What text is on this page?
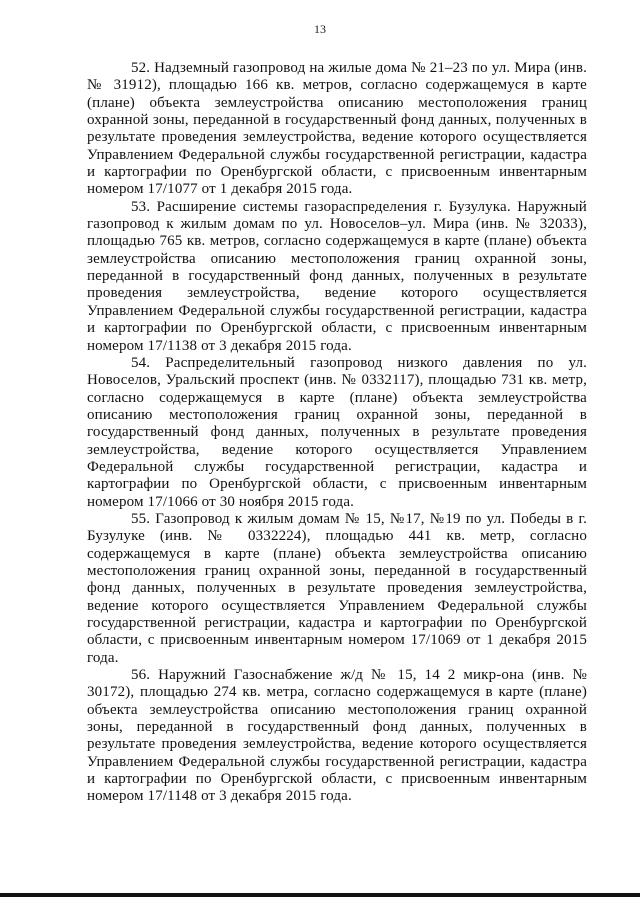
13

52. Надземный газопровод на жилые дома № 21–23 по ул. Мира (инв. № 31912), площадью 166 кв. метров, согласно содержащемуся в карте (плане) объекта землеустройства описанию местоположения границ охранной зоны, переданной в государственный фонд данных, полученных в результате проведения землеустройства, ведение которого осуществляется Управлением Федеральной службы государственной регистрации, кадастра и картографии по Оренбургской области, с присвоенным инвентарным номером 17/1077 от 1 декабря 2015 года.

53. Расширение системы газораспределения г. Бузулука. Наружный газопровод к жилым домам по ул. Новоселов–ул. Мира (инв. № 32033), площадью 765 кв. метров, согласно содержащемуся в карте (плане) объекта землеустройства описанию местоположения границ охранной зоны, переданной в государственный фонд данных, полученных в результате проведения землеустройства, ведение которого осуществляется Управлением Федеральной службы государственной регистрации, кадастра и картографии по Оренбургской области, с присвоенным инвентарным номером 17/1138 от 3 декабря 2015 года.

54. Распределительный газопровод низкого давления по ул. Новоселов, Уральский проспект (инв. № 0332117), площадью 731 кв. метр, согласно содержащемуся в карте (плане) объекта землеустройства описанию местоположения границ охранной зоны, переданной в государственный фонд данных, полученных в результате проведения землеустройства, ведение которого осуществляется Управлением Федеральной службы государственной регистрации, кадастра и картографии по Оренбургской области, с присвоенным инвентарным номером 17/1066 от 30 ноября 2015 года.

55. Газопровод к жилым домам № 15, №17, №19 по ул. Победы в г. Бузулуке (инв. № 0332224), площадью 441 кв. метр, согласно содержащемуся в карте (плане) объекта землеустройства описанию местоположения границ охранной зоны, переданной в государственный фонд данных, полученных в результате проведения землеустройства, ведение которого осуществляется Управлением Федеральной службы государственной регистрации, кадастра и картографии по Оренбургской области, с присвоенным инвентарным номером 17/1069 от 1 декабря 2015 года.

56. Наружний Газоснабжение ж/д № 15, 14 2 микр-она (инв. № 30172), площадью 274 кв. метра, согласно содержащемуся в карте (плане) объекта землеустройства описанию местоположения границ охранной зоны, переданной в государственный фонд данных, полученных в результате проведения землеустройства, ведение которого осуществляется Управлением Федеральной службы государственной регистрации, кадастра и картографии по Оренбургской области, с присвоенным инвентарным номером 17/1148 от 3 декабря 2015 года.
